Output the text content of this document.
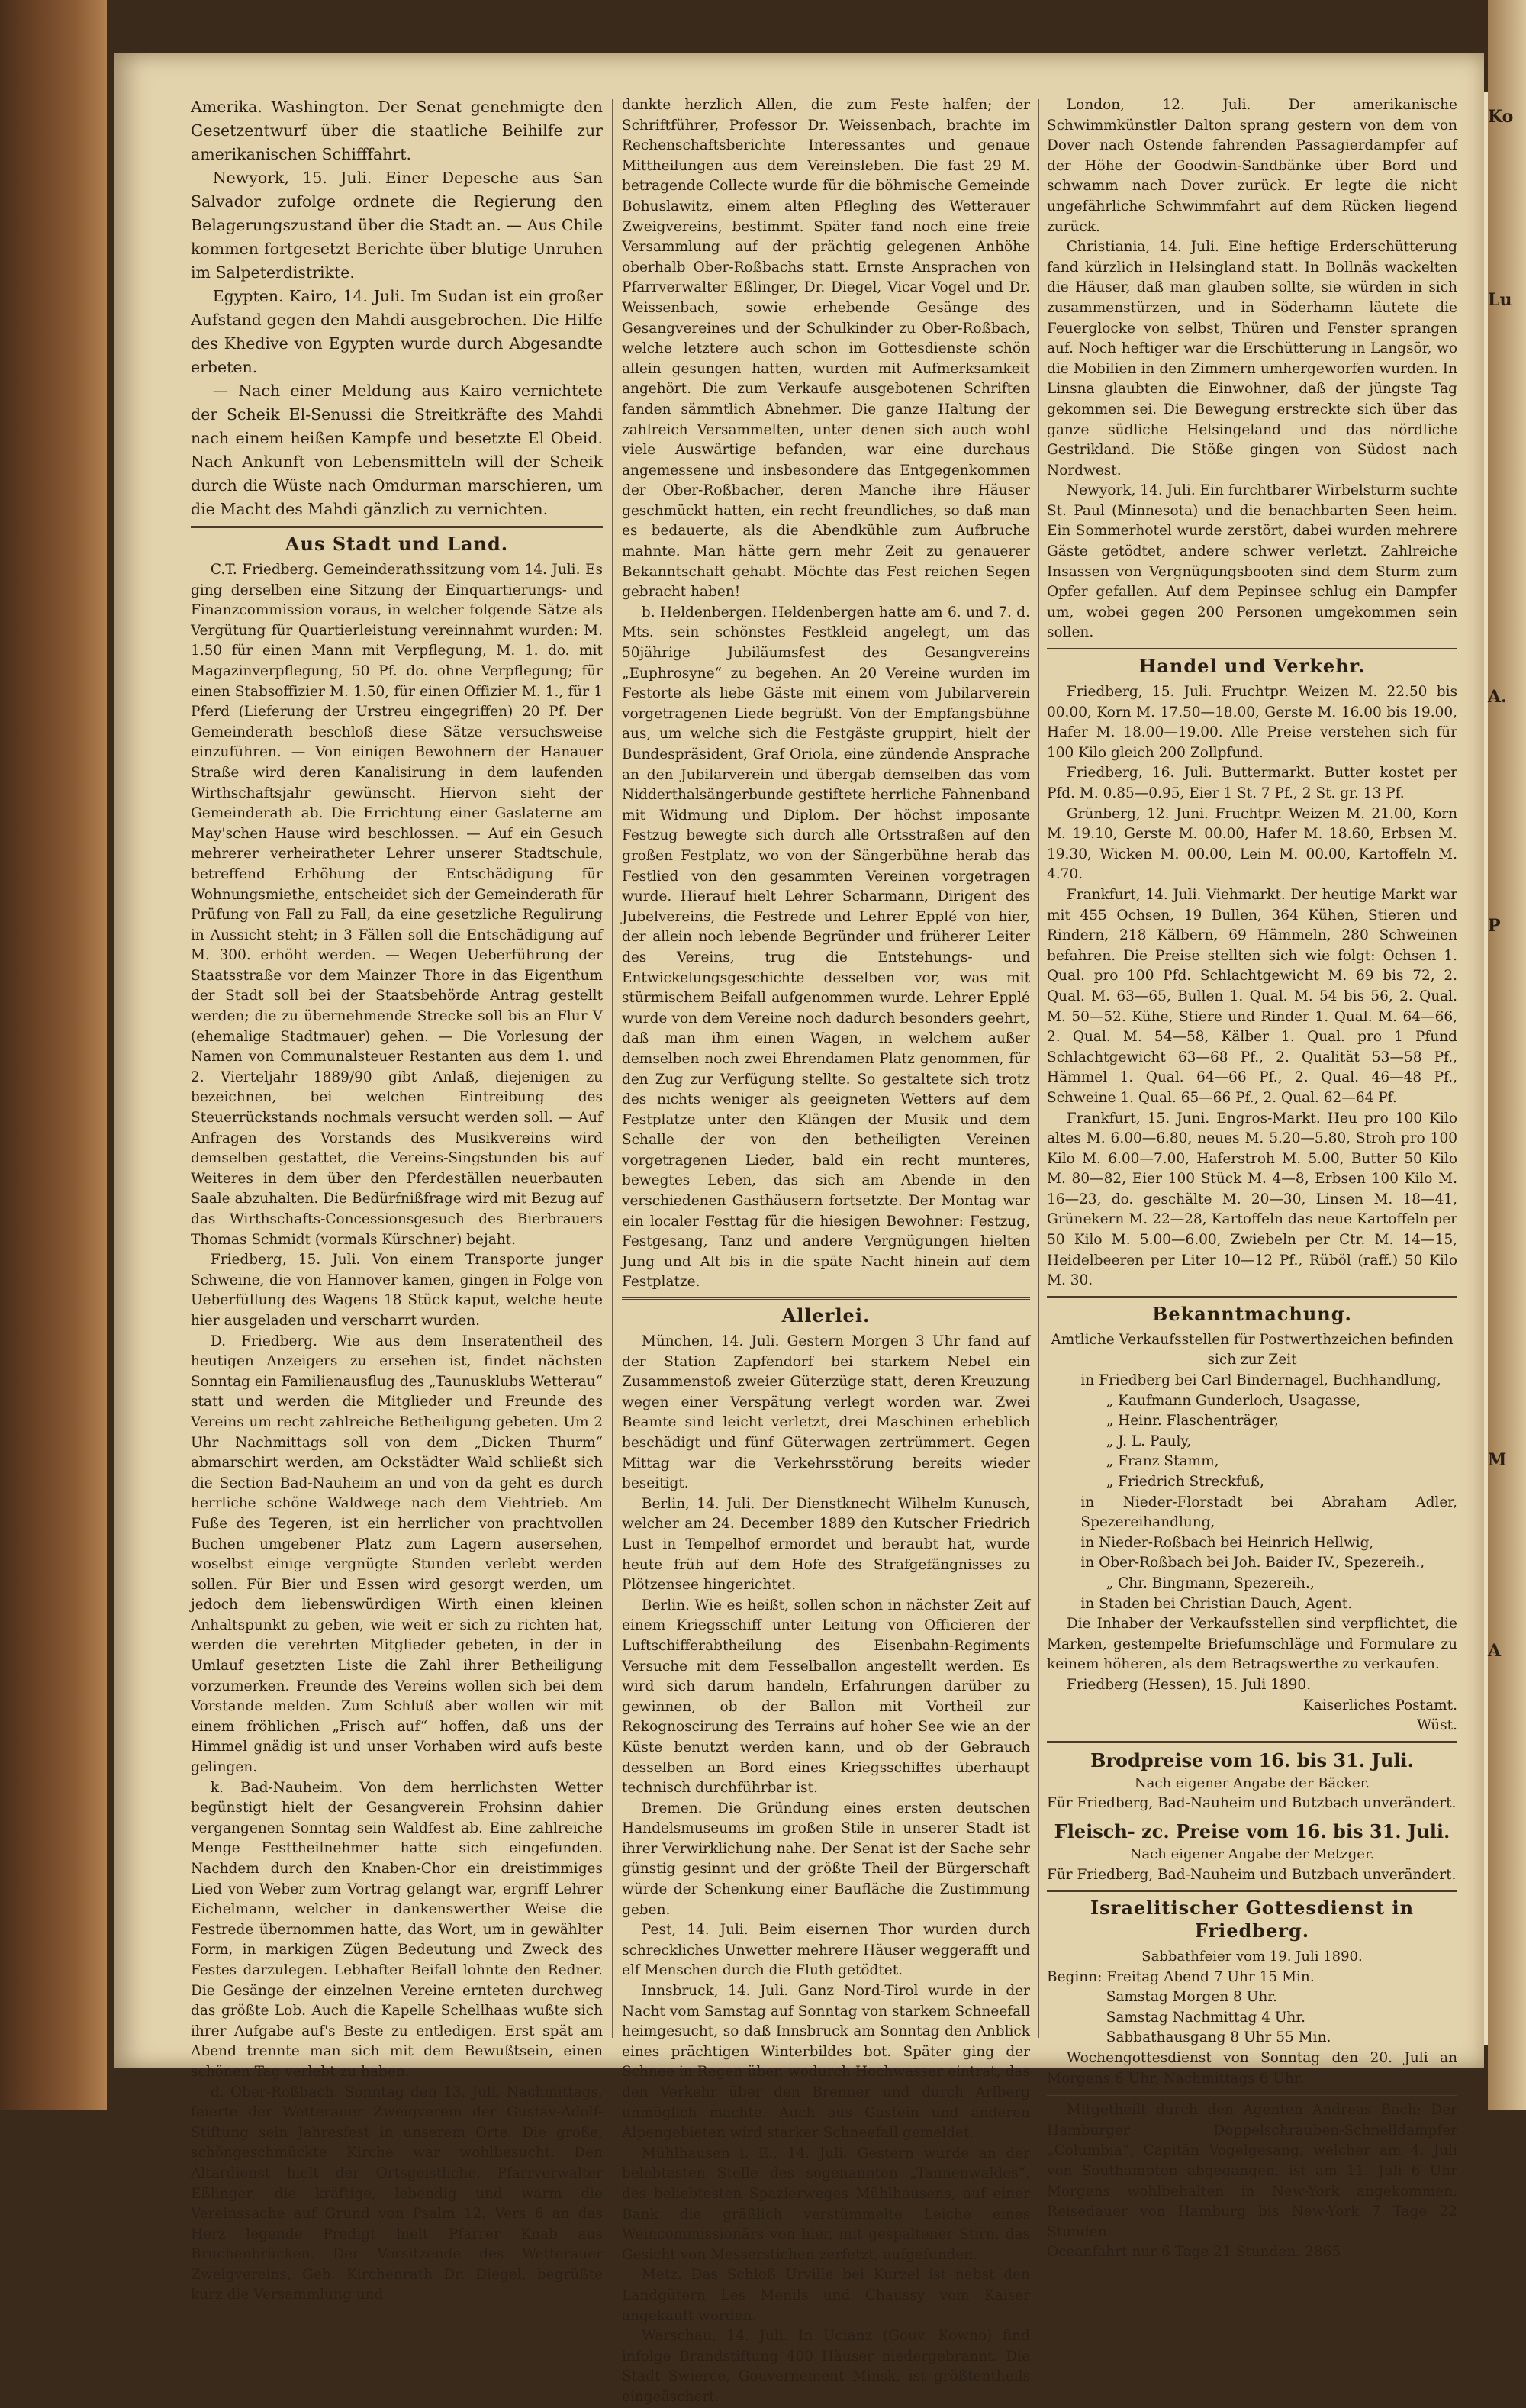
Ko
Lu
A.
P
M
A

Amerika. Washington. Der Senat genehmigte den Gesetzentwurf über die staatliche Beihilfe zur amerikanischen Schifffahrt.

Newyork, 15. Juli. Einer Depesche aus San Salvador zufolge ordnete die Regierung den Belagerungszustand über die Stadt an. — Aus Chile kommen fortgesetzt Berichte über blutige Unruhen im Salpeterdistrikte.

Egypten. Kairo, 14. Juli. Im Sudan ist ein großer Aufstand gegen den Mahdi ausgebrochen. Die Hilfe des Khedive von Egypten wurde durch Abgesandte erbeten.

— Nach einer Meldung aus Kairo vernichtete der Scheik El-Senussi die Streitkräfte des Mahdi nach einem heißen Kampfe und besetzte El Obeid. Nach Ankunft von Lebensmitteln will der Scheik durch die Wüste nach Omdurman marschieren, um die Macht des Mahdi gänzlich zu vernichten.

Aus Stadt und Land.

C.T. Friedberg. Gemeinderathssitzung vom 14. Juli. Es ging derselben eine Sitzung der Einquartierungs- und Finanzcommission voraus, in welcher folgende Sätze als Vergütung für Quartierleistung vereinnahmt wurden: M. 1.50 für einen Mann mit Verpflegung, M. 1. do. mit Magazinverpflegung, 50 Pf. do. ohne Verpflegung; für einen Stabsoffizier M. 1.50, für einen Offizier M. 1., für 1 Pferd (Lieferung der Urstreu eingegriffen) 20 Pf. Der Gemeinderath beschloß diese Sätze versuchsweise einzuführen. — Von einigen Bewohnern der Hanauer Straße wird deren Kanalisirung in dem laufenden Wirthschaftsjahr gewünscht. Hiervon sieht der Gemeinderath ab. Die Errichtung einer Gaslaterne am May'schen Hause wird beschlossen. — Auf ein Gesuch mehrerer verheiratheter Lehrer unserer Stadtschule, betreffend Erhöhung der Entschädigung für Wohnungsmiethe, entscheidet sich der Gemeinderath für Prüfung von Fall zu Fall, da eine gesetzliche Regulirung in Aussicht steht; in 3 Fällen soll die Entschädigung auf M. 300. erhöht werden. — Wegen Ueberführung der Staatsstraße vor dem Mainzer Thore in das Eigenthum der Stadt soll bei der Staatsbehörde Antrag gestellt werden; die zu übernehmende Strecke soll bis an Flur V (ehemalige Stadtmauer) gehen. — Die Vorlesung der Namen von Communalsteuer Restanten aus dem 1. und 2. Vierteljahr 1889/90 gibt Anlaß, diejenigen zu bezeichnen, bei welchen Eintreibung des Steuerrückstands nochmals versucht werden soll. — Auf Anfragen des Vorstands des Musikvereins wird demselben gestattet, die Vereins-Singstunden bis auf Weiteres in dem über den Pferdeställen neuerbauten Saale abzuhalten. Die Bedürfnißfrage wird mit Bezug auf das Wirthschafts-Concessionsgesuch des Bierbrauers Thomas Schmidt (vormals Kürschner) bejaht.

Friedberg, 15. Juli. Von einem Transporte junger Schweine, die von Hannover kamen, gingen in Folge von Ueberfüllung des Wagens 18 Stück kaput, welche heute hier ausgeladen und verscharrt wurden.

D. Friedberg. Wie aus dem Inseratentheil des heutigen Anzeigers zu ersehen ist, findet nächsten Sonntag ein Familienausflug des „Taunusklubs Wetterau“ statt und werden die Mitglieder und Freunde des Vereins um recht zahlreiche Betheiligung gebeten. Um 2 Uhr Nachmittags soll von dem „Dicken Thurm“ abmarschirt werden, am Ockstädter Wald schließt sich die Section Bad-Nauheim an und von da geht es durch herrliche schöne Waldwege nach dem Viehtrieb. Am Fuße des Tegeren, ist ein herrlicher von prachtvollen Buchen umgebener Platz zum Lagern ausersehen, woselbst einige vergnügte Stunden verlebt werden sollen. Für Bier und Essen wird gesorgt werden, um jedoch dem liebenswürdigen Wirth einen kleinen Anhaltspunkt zu geben, wie weit er sich zu richten hat, werden die verehrten Mitglieder gebeten, in der in Umlauf gesetzten Liste die Zahl ihrer Betheiligung vorzumerken. Freunde des Vereins wollen sich bei dem Vorstande melden. Zum Schluß aber wollen wir mit einem fröhlichen „Frisch auf“ hoffen, daß uns der Himmel gnädig ist und unser Vorhaben wird aufs beste gelingen.

k. Bad-Nauheim. Von dem herrlichsten Wetter begünstigt hielt der Gesangverein Frohsinn dahier vergangenen Sonntag sein Waldfest ab. Eine zahlreiche Menge Festtheilnehmer hatte sich eingefunden. Nachdem durch den Knaben-Chor ein dreistimmiges Lied von Weber zum Vortrag gelangt war, ergriff Lehrer Eichelmann, welcher in dankenswerther Weise die Festrede übernommen hatte, das Wort, um in gewählter Form, in markigen Zügen Bedeutung und Zweck des Festes darzulegen. Lebhafter Beifall lohnte den Redner. Die Gesänge der einzelnen Vereine ernteten durchweg das größte Lob. Auch die Kapelle Schellhaas wußte sich ihrer Aufgabe auf's Beste zu entledigen. Erst spät am Abend trennte man sich mit dem Bewußtsein, einen schönen Tag verlebt zu haben.

d. Ober-Roßbach. Sonntag den 13. Juli, Nachmittags, feierte der Wetterauer Zweigverein der Gustav-Adolf-Stiftung sein Jahresfest in unserem Orte. Die große, schöngeschmückte Kirche war wohlbesucht. Den Altardienst hielt der Ortsgeistliche, Pfarrverwalter Eßlinger, die kräftige, lebendig und warm die Vereinssache auf Grund von Psalm 12, Vers 6 an das Herz legende Predigt hielt Pfarrer Knab aus Bruchenbrücken. Der Vorsitzende des Wetterauer Zweigvereins, Geh. Kirchenrath Dr. Diegel, begrüßte kurz die Versammlung und

dankte herzlich Allen, die zum Feste halfen; der Schriftführer, Professor Dr. Weissenbach, brachte im Rechenschaftsberichte Interessantes und genaue Mittheilungen aus dem Vereinsleben. Die fast 29 M. betragende Collecte wurde für die böhmische Gemeinde Bohuslawitz, einem alten Pflegling des Wetterauer Zweigvereins, bestimmt. Später fand noch eine freie Versammlung auf der prächtig gelegenen Anhöhe oberhalb Ober-Roßbachs statt. Ernste Ansprachen von Pfarrverwalter Eßlinger, Dr. Diegel, Vicar Vogel und Dr. Weissenbach, sowie erhebende Gesänge des Gesangvereines und der Schulkinder zu Ober-Roßbach, welche letztere auch schon im Gottesdienste schön allein gesungen hatten, wurden mit Aufmerksamkeit angehört. Die zum Verkaufe ausgebotenen Schriften fanden sämmtlich Abnehmer. Die ganze Haltung der zahlreich Versammelten, unter denen sich auch wohl viele Auswärtige befanden, war eine durchaus angemessene und insbesondere das Entgegenkommen der Ober-Roßbacher, deren Manche ihre Häuser geschmückt hatten, ein recht freundliches, so daß man es bedauerte, als die Abendkühle zum Aufbruche mahnte. Man hätte gern mehr Zeit zu genauerer Bekanntschaft gehabt. Möchte das Fest reichen Segen gebracht haben!

b. Heldenbergen. Heldenbergen hatte am 6. und 7. d. Mts. sein schönstes Festkleid angelegt, um das 50jährige Jubiläumsfest des Gesangvereins „Euphrosyne“ zu begehen. An 20 Vereine wurden im Festorte als liebe Gäste mit einem vom Jubilarverein vorgetragenen Liede begrüßt. Von der Empfangsbühne aus, um welche sich die Festgäste gruppirt, hielt der Bundespräsident, Graf Oriola, eine zündende Ansprache an den Jubilarverein und übergab demselben das vom Nidderthalsängerbunde gestiftete herrliche Fahnenband mit Widmung und Diplom. Der höchst imposante Festzug bewegte sich durch alle Ortsstraßen auf den großen Festplatz, wo von der Sängerbühne herab das Festlied von den gesammten Vereinen vorgetragen wurde. Hierauf hielt Lehrer Scharmann, Dirigent des Jubelvereins, die Festrede und Lehrer Epplé von hier, der allein noch lebende Begründer und früherer Leiter des Vereins, trug die Entstehungs- und Entwickelungsgeschichte desselben vor, was mit stürmischem Beifall aufgenommen wurde. Lehrer Epplé wurde von dem Vereine noch dadurch besonders geehrt, daß man ihm einen Wagen, in welchem außer demselben noch zwei Ehrendamen Platz genommen, für den Zug zur Verfügung stellte. So gestaltete sich trotz des nichts weniger als geeigneten Wetters auf dem Festplatze unter den Klängen der Musik und dem Schalle der von den betheiligten Vereinen vorgetragenen Lieder, bald ein recht munteres, bewegtes Leben, das sich am Abende in den verschiedenen Gasthäusern fortsetzte. Der Montag war ein localer Festtag für die hiesigen Bewohner: Festzug, Festgesang, Tanz und andere Vergnügungen hielten Jung und Alt bis in die späte Nacht hinein auf dem Festplatze.

Allerlei.

München, 14. Juli. Gestern Morgen 3 Uhr fand auf der Station Zapfendorf bei starkem Nebel ein Zusammenstoß zweier Güterzüge statt, deren Kreuzung wegen einer Verspätung verlegt worden war. Zwei Beamte sind leicht verletzt, drei Maschinen erheblich beschädigt und fünf Güterwagen zertrümmert. Gegen Mittag war die Verkehrsstörung bereits wieder beseitigt.

Berlin, 14. Juli. Der Dienstknecht Wilhelm Kunusch, welcher am 24. December 1889 den Kutscher Friedrich Lust in Tempelhof ermordet und beraubt hat, wurde heute früh auf dem Hofe des Strafgefängnisses zu Plötzensee hingerichtet.

Berlin. Wie es heißt, sollen schon in nächster Zeit auf einem Kriegsschiff unter Leitung von Officieren der Luftschifferabtheilung des Eisenbahn-Regiments Versuche mit dem Fesselballon angestellt werden. Es wird sich darum handeln, Erfahrungen darüber zu gewinnen, ob der Ballon mit Vortheil zur Rekognoscirung des Terrains auf hoher See wie an der Küste benutzt werden kann, und ob der Gebrauch desselben an Bord eines Kriegsschiffes überhaupt technisch durchführbar ist.

Bremen. Die Gründung eines ersten deutschen Handelsmuseums im großen Stile in unserer Stadt ist ihrer Verwirklichung nahe. Der Senat ist der Sache sehr günstig gesinnt und der größte Theil der Bürgerschaft würde der Schenkung einer Baufläche die Zustimmung geben.

Pest, 14. Juli. Beim eisernen Thor wurden durch schreckliches Unwetter mehrere Häuser weggerafft und elf Menschen durch die Fluth getödtet.

Innsbruck, 14. Juli. Ganz Nord-Tirol wurde in der Nacht vom Samstag auf Sonntag von starkem Schneefall heimgesucht, so daß Innsbruck am Sonntag den Anblick eines prächtigen Winterbildes bot. Später ging der Schnee in Regen über, wodurch Hochwasser eintrat, das den Verkehr über den Brenner und durch Arlberg unmöglich machte. Auch aus Gastein und anderen Alpengebieten wird starker Schneefall gemeldet.

Mühlhausen i. E., 14. Juli. Gestern wurde an der belebtesten Stelle des sogenannten „Tannenwaldes“, des beliebtesten Spazierweges Mühlhausens, auf einer Bank die gräßlich verstümmelte Leiche eines Weincommissionärs von hier, mit gespaltener Stirn, das Gesicht von Messerstichen zerfetzt, aufgefunden.

Metz. Das Schloß Urville bei Kurzel ist nebst den Landgütern Les Menils und Chaussy vom Kaiser angekauft worden.

Warschau, 14. Juli. In Ucianz (Gouv. Kowno) find infolge Brandstiftung 400 Häuser niedergebrannt. Die Stadt Swierce, Gouvernement Minsk, ist größtentheils eingeäschert.

London, 12. Juli. Der amerikanische Schwimmkünstler Dalton sprang gestern von dem von Dover nach Ostende fahrenden Passagierdampfer auf der Höhe der Goodwin-Sandbänke über Bord und schwamm nach Dover zurück. Er legte die nicht ungefährliche Schwimmfahrt auf dem Rücken liegend zurück.

Christiania, 14. Juli. Eine heftige Erderschütterung fand kürzlich in Helsingland statt. In Bollnäs wackelten die Häuser, daß man glauben sollte, sie würden in sich zusammenstürzen, und in Söderhamn läutete die Feuerglocke von selbst, Thüren und Fenster sprangen auf. Noch heftiger war die Erschütterung in Langsör, wo die Mobilien in den Zimmern umhergeworfen wurden. In Linsna glaubten die Einwohner, daß der jüngste Tag gekommen sei. Die Bewegung erstreckte sich über das ganze südliche Helsingeland und das nördliche Gestrikland. Die Stöße gingen von Südost nach Nordwest.

Newyork, 14. Juli. Ein furchtbarer Wirbelsturm suchte St. Paul (Minnesota) und die benachbarten Seen heim. Ein Sommerhotel wurde zerstört, dabei wurden mehrere Gäste getödtet, andere schwer verletzt. Zahlreiche Insassen von Vergnügungsbooten sind dem Sturm zum Opfer gefallen. Auf dem Pepinsee schlug ein Dampfer um, wobei gegen 200 Personen umgekommen sein sollen.

Handel und Verkehr.

Friedberg, 15. Juli. Fruchtpr. Weizen M. 22.50 bis 00.00, Korn M. 17.50—18.00, Gerste M. 16.00 bis 19.00, Hafer M. 18.00—19.00. Alle Preise verstehen sich für 100 Kilo gleich 200 Zollpfund.

Friedberg, 16. Juli. Buttermarkt. Butter kostet per Pfd. M. 0.85—0.95, Eier 1 St. 7 Pf., 2 St. gr. 13 Pf.

Grünberg, 12. Juni. Fruchtpr. Weizen M. 21.00, Korn M. 19.10, Gerste M. 00.00, Hafer M. 18.60, Erbsen M. 19.30, Wicken M. 00.00, Lein M. 00.00, Kartoffeln M. 4.70.

Frankfurt, 14. Juli. Viehmarkt. Der heutige Markt war mit 455 Ochsen, 19 Bullen, 364 Kühen, Stieren und Rindern, 218 Kälbern, 69 Hämmeln, 280 Schweinen befahren. Die Preise stellten sich wie folgt: Ochsen 1. Qual. pro 100 Pfd. Schlachtgewicht M. 69 bis 72, 2. Qual. M. 63—65, Bullen 1. Qual. M. 54 bis 56, 2. Qual. M. 50—52. Kühe, Stiere und Rinder 1. Qual. M. 64—66, 2. Qual. M. 54—58, Kälber 1. Qual. pro 1 Pfund Schlachtgewicht 63—68 Pf., 2. Qualität 53—58 Pf., Hämmel 1. Qual. 64—66 Pf., 2. Qual. 46—48 Pf., Schweine 1. Qual. 65—66 Pf., 2. Qual. 62—64 Pf.

Frankfurt, 15. Juni. Engros-Markt. Heu pro 100 Kilo altes M. 6.00—6.80, neues M. 5.20—5.80, Stroh pro 100 Kilo M. 6.00—7.00, Haferstroh M. 5.00, Butter 50 Kilo M. 80—82, Eier 100 Stück M. 4—8, Erbsen 100 Kilo M. 16—23, do. geschälte M. 20—30, Linsen M. 18—41, Grünekern M. 22—28, Kartoffeln das neue Kartoffeln per 50 Kilo M. 5.00—6.00, Zwiebeln per Ctr. M. 14—15, Heidelbeeren per Liter 10—12 Pf., Rüböl (raff.) 50 Kilo M. 30.

Bekanntmachung.

Amtliche Verkaufsstellen für Postwerthzeichen befinden sich zur Zeit

in Friedberg bei Carl Bindernagel, Buchhandlung,

„ Kaufmann Gunderloch, Usagasse,

„ Heinr. Flaschenträger,

„ J. L. Pauly,

„ Franz Stamm,

„ Friedrich Streckfuß,

in Nieder-Florstadt bei Abraham Adler, Spezereihandlung,

in Nieder-Roßbach bei Heinrich Hellwig,

in Ober-Roßbach bei Joh. Baider IV., Spezereih.,

„ Chr. Bingmann, Spezereih.,

in Staden bei Christian Dauch, Agent.

Die Inhaber der Verkaufsstellen sind verpflichtet, die Marken, gestempelte Briefumschläge und Formulare zu keinem höheren, als dem Betragswerthe zu verkaufen.

Friedberg (Hessen), 15. Juli 1890.

Kaiserliches Postamt.

Wüst.

Brodpreise vom 16. bis 31. Juli.

Nach eigener Angabe der Bäcker.

Für Friedberg, Bad-Nauheim und Butzbach unverändert.

Fleisch- zc. Preise vom 16. bis 31. Juli.

Nach eigener Angabe der Metzger.

Für Friedberg, Bad-Nauheim und Butzbach unverändert.

Israelitischer Gottesdienst in Friedberg.

Sabbathfeier vom 19. Juli 1890.

Beginn: Freitag Abend 7 Uhr 15 Min.

Samstag Morgen 8 Uhr.

Samstag Nachmittag 4 Uhr.

Sabbathausgang 8 Uhr 55 Min.

Wochengottesdienst von Sonntag den 20. Juli an Morgens 6 Uhr, Nachmittags 6 Uhr.

Mitgetheilt durch den Agenten Andreas Bach: Der Hamburger Doppelschrauben-Schnelldampfer „Columbia“, Capitän Vogelgesang, welcher am 4. Juli von Southampton abgegangen, ist am 11. Juli 6 Uhr Morgens wohlbehalten in New-York angekommen. Reisedauer von Hamburg bis New-York 7 Tage 22 Stunden.

Oceanfahrt nur 6 Tage 21 Stunden. 2865
